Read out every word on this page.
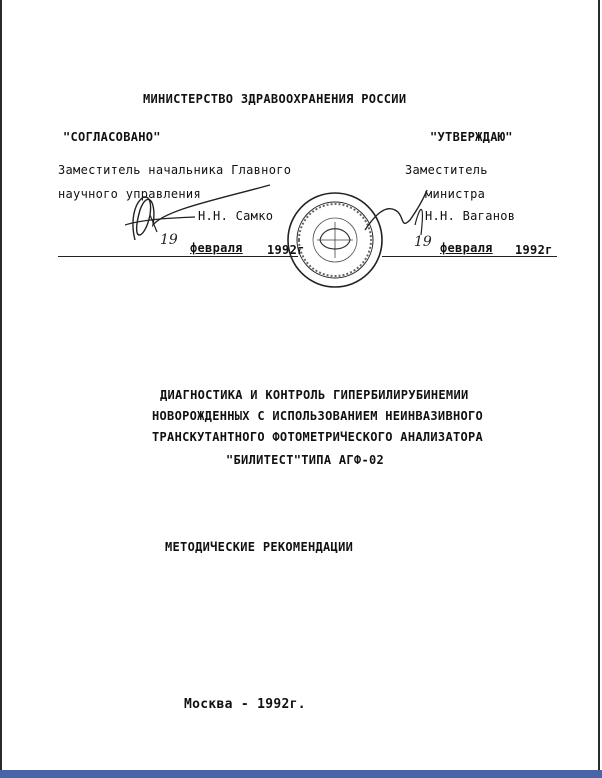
МИНИСТЕРСТВО ЗДРАВООХРАНЕНИЯ РОССИИ
"СОГЛАСОВАНО"	"УТВЕРЖДАЮ"
Заместитель начальника Главного
научного управления
Н.Н. Самко
Заместитель
министра
Н.Н. Ваганов
19 февраля 1992г	19 февраля 1992г
ДИАГНОСТИКА И КОНТРОЛЬ ГИПЕРБИЛИРУБИНЕМИИ
НОВОРОЖДЕННЫХ С ИСПОЛЬЗОВАНИЕМ НЕИНВАЗИВНОГО
ТРАНСКУТАНТНОГО ФОТОМЕТРИЧЕСКОГО АНАЛИЗАТОРА
"БИЛИТЕСТ"ТИПА АГФ-02
МЕТОДИЧЕСКИЕ РЕКОМЕНДАЦИИ
Москва - 1992г.
